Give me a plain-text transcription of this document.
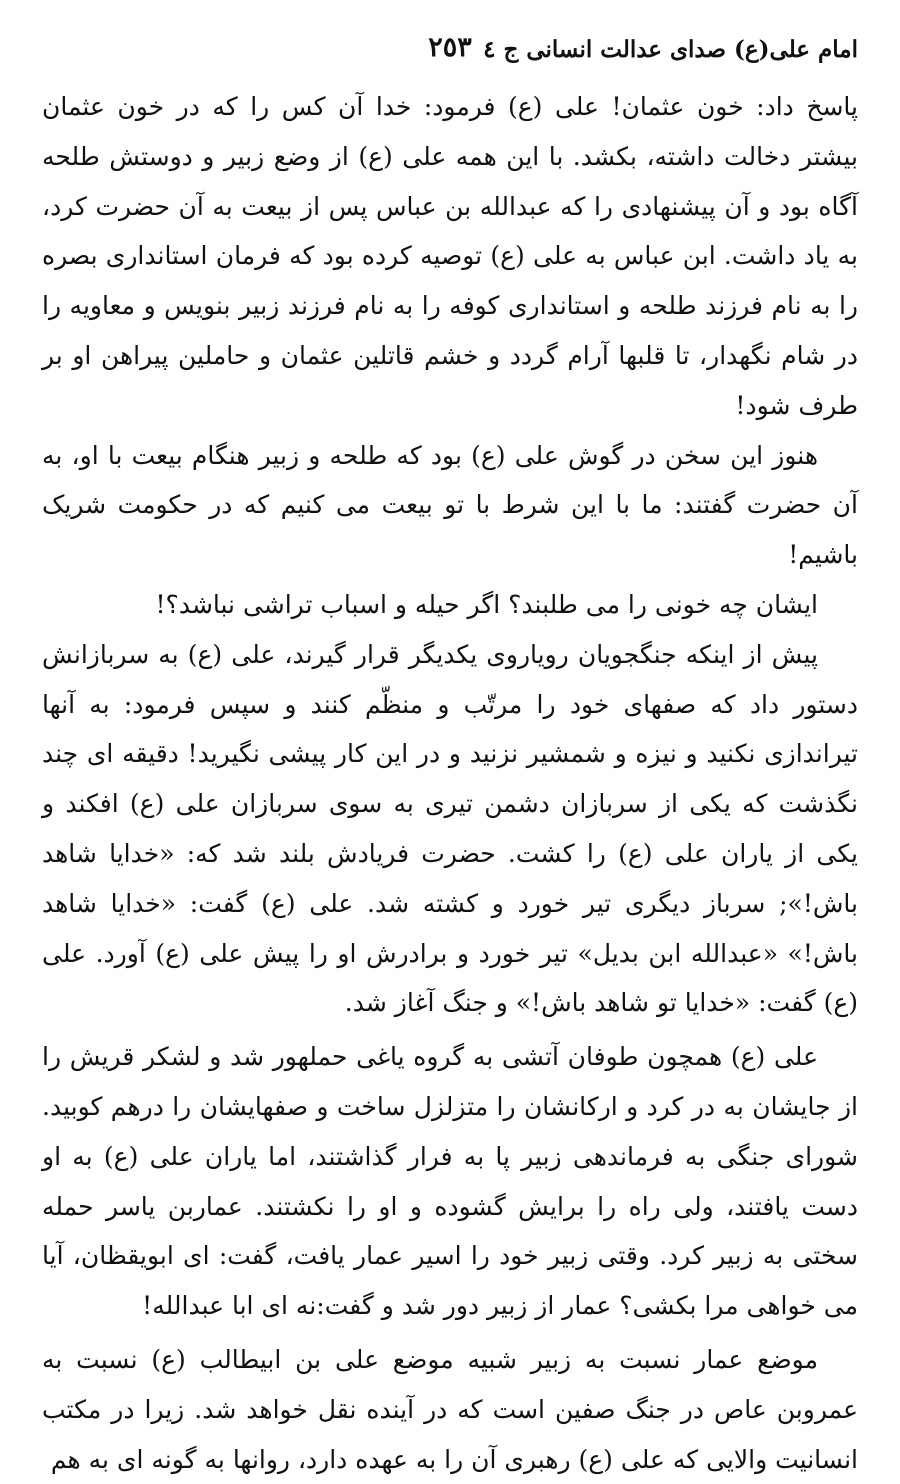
امام علی(ع) صدای عدالت انسانی ج ٤
٢٥٣

پاسخ داد: خون عثمان! علی (ع) فرمود: خدا آن کس را که در خون عثمان بیشتر دخالت داشته، بکشد. با این همه علی (ع) از وضع زبیر و دوستش طلحه آگاه بود و آن پیشنهادی را که عبدالله بن عباس پس از بیعت به آن حضرت کرد، به یاد داشت. ابن عباس به علی (ع) توصیه کرده بود که فرمان استانداری بصره را به نام فرزند طلحه و استانداری کوفه را به نام فرزند زبیر بنویس و معاویه را در شام نگهدار، تا قلبها آرام گردد و خشم قاتلین عثمان و حاملین پیراهن او بر طرف شود!

هنوز این سخن در گوش علی (ع) بود که طلحه و زبیر هنگام بیعت با او، به آن حضرت گفتند: ما با این شرط با تو بیعت می کنیم که در حکومت شریک باشیم!

ایشان چه خونی را می طلبند؟ اگر حیله و اسباب تراشی نباشد؟!

پیش از اینکه جنگجویان رویاروی یکدیگر قرار گیرند، علی (ع) به سربازانش دستور داد که صفهای خود را مرتّب و منظّم کنند و سپس فرمود: به آنها تیراندازی نکنید و نیزه و شمشیر نزنید و در این کار پیشی نگیرید! دقیقه ای چند نگذشت که یکی از سربازان دشمن تیری به سوی سربازان علی (ع) افکند و یکی از یاران علی (ع) را کشت. حضرت فریادش بلند شد که: «خدایا شاهد باش!»; سرباز دیگری تیر خورد و کشته شد. علی (ع) گفت: «خدایا شاهد باش!» «عبدالله ابن بدیل» تیر خورد و برادرش او را پیش علی (ع) آورد. علی (ع) گفت: «خدایا تو شاهد باش!» و جنگ آغاز شد.

علی (ع) همچون طوفان آتشی به گروه یاغی حملهور شد و لشکر قریش را از جایشان به در کرد و ارکانشان را متزلزل ساخت و صفهایشان را درهم کوبید. شورای جنگی به فرماندهی زبیر پا به فرار گذاشتند، اما یاران علی (ع) به او دست یافتند، ولی راه را برایش گشوده و او را نکشتند. عماربن یاسر حمله سختی به زبیر کرد. وقتی زبیر خود را اسیر عمار یافت، گفت: ای ابویقظان، آیا می خواهی مرا بکشی؟ عمار از زبیر دور شد و گفت:نه ای ابا عبدالله!

موضع عمار نسبت به زبیر شبیه موضع علی بن ابیطالب (ع) نسبت به عمروبن عاص در جنگ صفین است که در آینده نقل خواهد شد. زیرا در مکتب انسانیت والایی که علی (ع) رهبری آن را به عهده دارد، روانها به گونه ای به هم
